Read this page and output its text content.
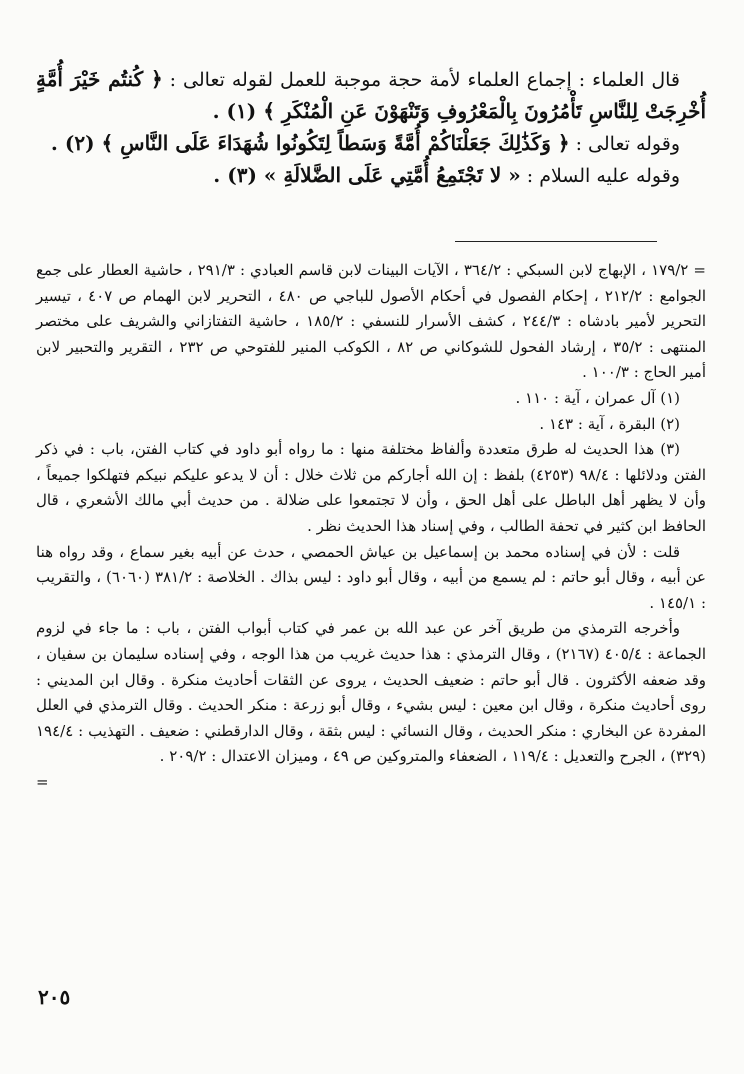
قال العلماء : إجماع العلماء لأمة حجة موجبة للعمل لقوله تعالى : ﴿ كُنتُم خَيْرَ أُمَّةٍ أُخْرِجَتْ لِلنَّاسِ تَأْمُرُونَ بِالْمَعْرُوفِ وَتَنْهَوْنَ عَنِ الْمُنْكَرِ ﴾ (١) .

وقوله تعالى : ﴿ وَكَذَٰلِكَ جَعَلْنَاكُمْ أُمَّةً وَسَطاً لِتَكُونُوا شُهَدَاءَ عَلَى النَّاسِ ﴾ (٢) .

وقوله عليه السلام : « لا تَجْتَمِعُ أُمَّتِي عَلَى الضَّلالَةِ » (٣) .

= ١٧٩/٢ ، الإبهاج لابن السبكي : ٣٦٤/٢ ، الآيات البينات لابن قاسم العبادي : ٢٩١/٣ ، حاشية العطار على جمع الجوامع : ٢١٢/٢ ، إحكام الفصول في أحكام الأصول للباجي ص ٤٨٠ ، التحرير لابن الهمام ص ٤٠٧ ، تيسير التحرير لأمير بادشاه : ٢٤٤/٣ ، كشف الأسرار للنسفي : ١٨٥/٢ ، حاشية التفتازاني والشريف على مختصر المنتهى : ٣٥/٢ ، إرشاد الفحول للشوكاني ص ٨٢ ، الكوكب المنير للفتوحي ص ٢٣٢ ، التقرير والتحبير لابن أمير الحاج : ١٠٠/٣ .

(١) آل عمران ، آية : ١١٠ .

(٢) البقرة ، آية : ١٤٣ .

(٣) هذا الحديث له طرق متعددة وألفاظ مختلفة منها : ما رواه أبو داود في كتاب الفتن، باب : في ذكر الفتن ودلائلها : ٩٨/٤ (٤٢٥٣) بلفظ : إن الله أجاركم من ثلاث خلال : أن لا يدعو عليكم نبيكم فتهلكوا جميعاً ، وأن لا يظهر أهل الباطل على أهل الحق ، وأن لا تجتمعوا على ضلالة . من حديث أبي مالك الأشعري ، قال الحافظ ابن كثير في تحفة الطالب ، وفي إسناد هذا الحديث نظر .

قلت : لأن في إسناده محمد بن إسماعيل بن عياش الحمصي ، حدث عن أبيه بغير سماع ، وقد رواه هنا عن أبيه ، وقال أبو حاتم : لم يسمع من أبيه ، وقال أبو داود : ليس بذاك . الخلاصة : ٣٨١/٢ (٦٠٦٠) ، والتقريب : ١٤٥/١ .

وأخرجه الترمذي من طريق آخر عن عبد الله بن عمر في كتاب أبواب الفتن ، باب : ما جاء في لزوم الجماعة : ٤٠٥/٤ (٢١٦٧) ، وقال الترمذي : هذا حديث غريب من هذا الوجه ، وفي إسناده سليمان بن سفيان ، وقد ضعفه الأكثرون . قال أبو حاتم : ضعيف الحديث ، يروى عن الثقات أحاديث منكرة . وقال ابن المديني : روى أحاديث منكرة ، وقال ابن معين : ليس بشيء ، وقال أبو زرعة : منكر الحديث . وقال الترمذي في العلل المفردة عن البخاري : منكر الحديث ، وقال النسائي : ليس بثقة ، وقال الدارقطني : ضعيف . التهذيب : ١٩٤/٤ (٣٢٩) ، الجرح والتعديل : ١١٩/٤ ، الضعفاء والمتروكين ص ٤٩ ، وميزان الاعتدال : ٢٠٩/٢ .

=

٢٠٥
